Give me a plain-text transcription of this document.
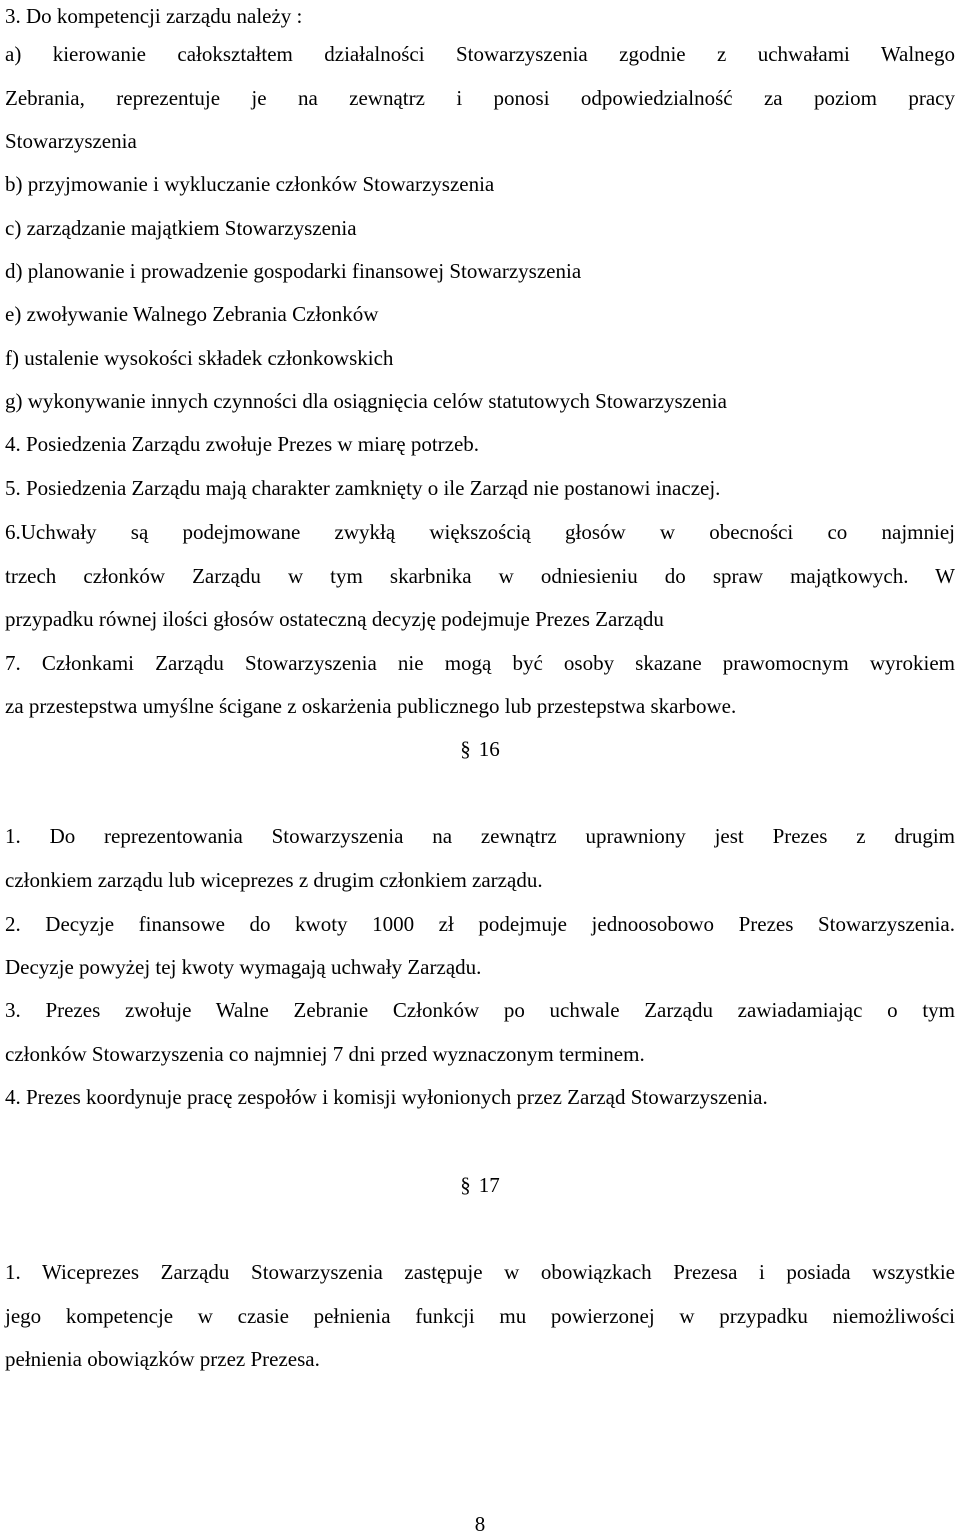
3. Do kompetencji zarządu należy :
a) kierowanie całokształtem działalności Stowarzyszenia zgodnie z uchwałami Walnego
Zebrania, reprezentuje je na zewnątrz i ponosi odpowiedzialność za poziom pracy
Stowarzyszenia
b) przyjmowanie i wykluczanie członków Stowarzyszenia
c) zarządzanie majątkiem Stowarzyszenia
d) planowanie i prowadzenie gospodarki finansowej Stowarzyszenia
e) zwoływanie Walnego Zebrania Członków
f) ustalenie wysokości składek członkowskich
g) wykonywanie innych czynności dla osiągnięcia celów statutowych Stowarzyszenia
4. Posiedzenia Zarządu zwołuje Prezes w miarę potrzeb.
5. Posiedzenia Zarządu mają charakter zamknięty o ile Zarząd nie postanowi inaczej.
6.Uchwały są podejmowane zwykłą większością głosów w obecności co najmniej
trzech członków Zarządu w tym skarbnika w odniesieniu do spraw majątkowych. W
przypadku równej ilości głosów ostateczną decyzję podejmuje Prezes Zarządu
7. Członkami Zarządu Stowarzyszenia nie mogą być osoby skazane prawomocnym wyrokiem
za przestepstwa umyślne ścigane z oskarżenia publicznego lub przestepstwa skarbowe.
§ 16
1. Do reprezentowania Stowarzyszenia na zewnątrz uprawniony jest Prezes z drugim
członkiem zarządu lub wiceprezes z drugim członkiem zarządu.
2. Decyzje finansowe do kwoty 1000 zł podejmuje jednoosobowo Prezes Stowarzyszenia.
Decyzje powyżej tej kwoty wymagają uchwały Zarządu.
3. Prezes zwołuje Walne Zebranie Członków po uchwale Zarządu zawiadamiając o tym
członków Stowarzyszenia co najmniej 7 dni przed wyznaczonym terminem.
4. Prezes koordynuje pracę zespołów i komisji wyłonionych przez Zarząd Stowarzyszenia.
§ 17
1. Wiceprezes Zarządu Stowarzyszenia zastępuje w obowiązkach Prezesa i posiada wszystkie
jego kompetencje w czasie pełnienia funkcji mu powierzonej w przypadku niemożliwości
pełnienia obowiązków przez Prezesa.
8
